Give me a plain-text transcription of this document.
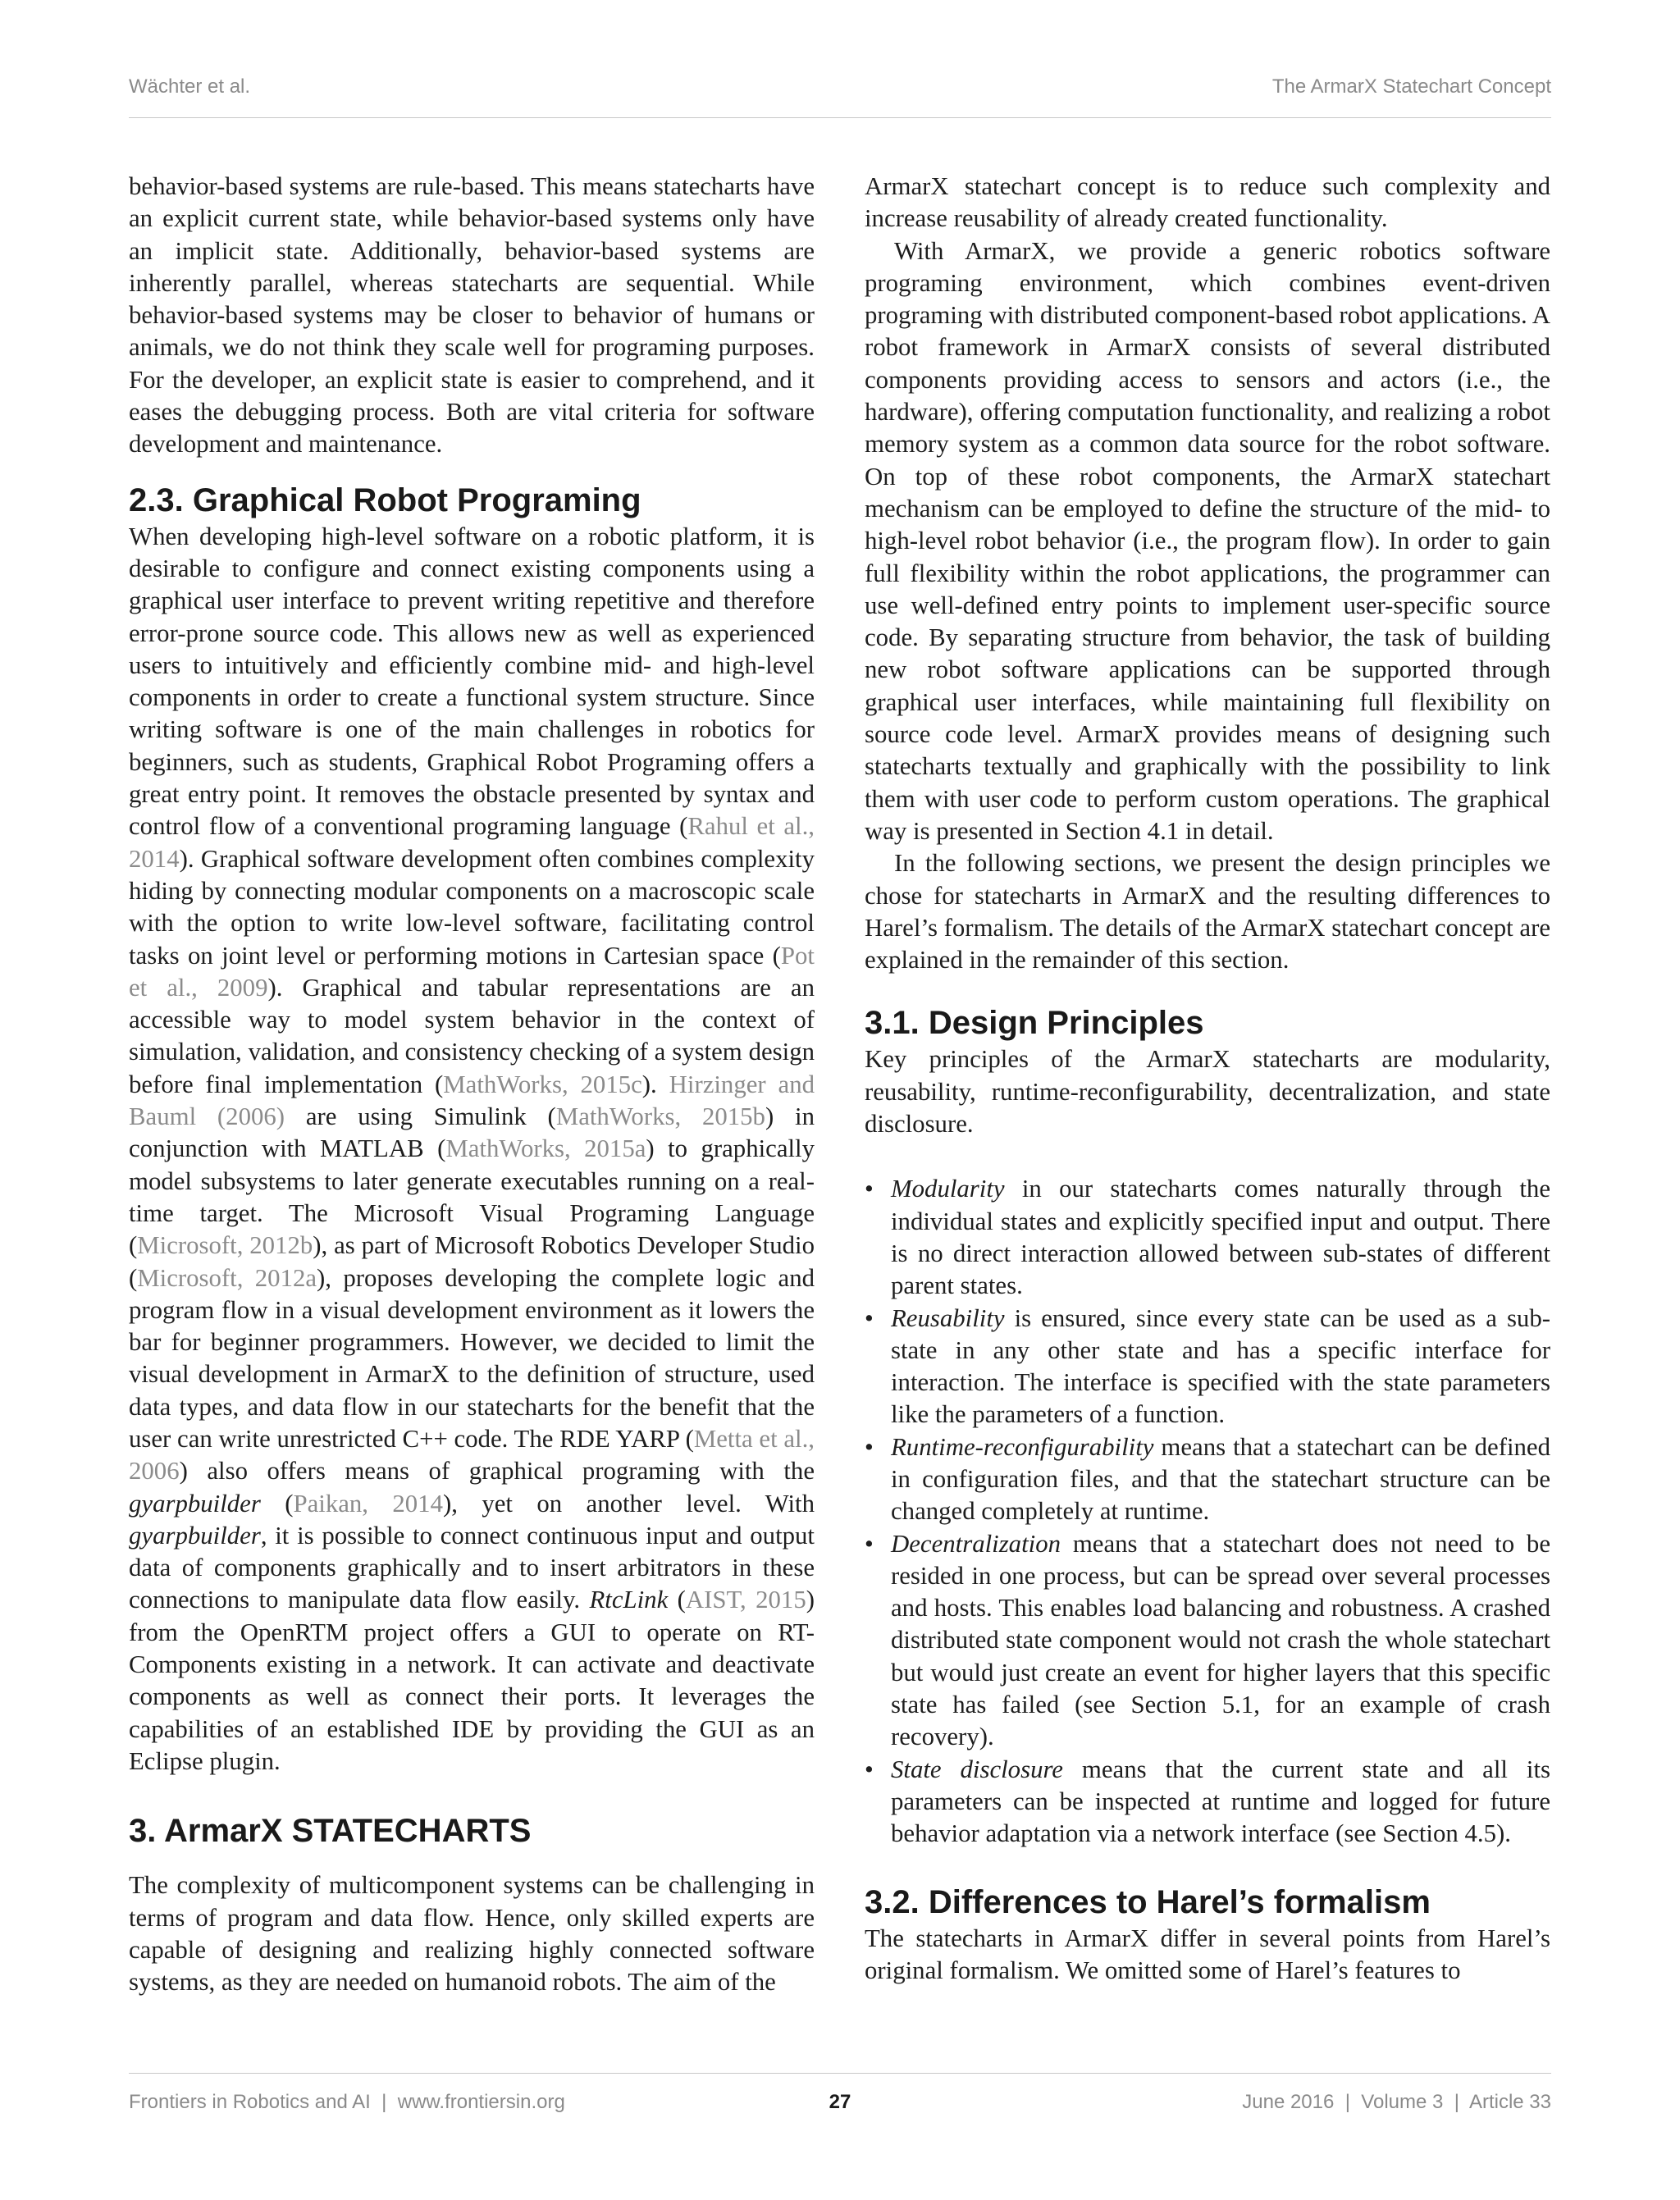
Wächter et al.	The ArmarX Statechart Concept

behavior-based systems are rule-based. This means statecharts have an explicit current state, while behavior-based systems only have an implicit state. Additionally, behavior-based systems are inherently parallel, whereas statecharts are sequential. While behavior-based systems may be closer to behavior of humans or animals, we do not think they scale well for programing purposes. For the developer, an explicit state is easier to comprehend, and it eases the debugging process. Both are vital criteria for software development and maintenance.

2.3. Graphical Robot Programing

When developing high-level software on a robotic platform, it is desirable to configure and connect existing components using a graphical user interface to prevent writing repetitive and therefore error-prone source code. This allows new as well as experienced users to intuitively and efficiently combine mid- and high-level components in order to create a functional system structure. Since writing software is one of the main challenges in robotics for beginners, such as students, Graphical Robot Programing offers a great entry point. It removes the obstacle presented by syntax and control flow of a conventional programing language (Rahul et al., 2014). Graphical software development often combines complexity hiding by connecting modular components on a macroscopic scale with the option to write low-level software, facilitating control tasks on joint level or performing motions in Cartesian space (Pot et al., 2009). Graphical and tabular representations are an accessible way to model system behavior in the context of simulation, validation, and consistency checking of a system design before final implementation (MathWorks, 2015c). Hirzinger and Bauml (2006) are using Simulink (MathWorks, 2015b) in conjunction with MATLAB (MathWorks, 2015a) to graphically model subsystems to later generate executables running on a real-time target. The Microsoft Visual Programing Language (Microsoft, 2012b), as part of Microsoft Robotics Developer Studio (Microsoft, 2012a), proposes developing the complete logic and program flow in a visual development environment as it lowers the bar for beginner programmers. However, we decided to limit the visual development in ArmarX to the definition of structure, used data types, and data flow in our statecharts for the benefit that the user can write unrestricted C++ code. The RDE YARP (Metta et al., 2006) also offers means of graphical programing with the gyarpbuilder (Paikan, 2014), yet on another level. With gyarpbuilder, it is possible to connect continuous input and output data of components graphically and to insert arbitrators in these connections to manipulate data flow easily. RtcLink (AIST, 2015) from the OpenRTM project offers a GUI to operate on RT-Components existing in a network. It can activate and deactivate components as well as connect their ports. It leverages the capabilities of an established IDE by providing the GUI as an Eclipse plugin.

3. ArmarX STATECHARTS

The complexity of multicomponent systems can be challenging in terms of program and data flow. Hence, only skilled experts are capable of designing and realizing highly connected software systems, as they are needed on humanoid robots. The aim of the

ArmarX statechart concept is to reduce such complexity and increase reusability of already created functionality.

With ArmarX, we provide a generic robotics software programing environment, which combines event-driven programing with distributed component-based robot applications. A robot framework in ArmarX consists of several distributed components providing access to sensors and actors (i.e., the hardware), offering computation functionality, and realizing a robot memory system as a common data source for the robot software. On top of these robot components, the ArmarX statechart mechanism can be employed to define the structure of the mid- to high-level robot behavior (i.e., the program flow). In order to gain full flexibility within the robot applications, the programmer can use well-defined entry points to implement user-specific source code. By separating structure from behavior, the task of building new robot software applications can be supported through graphical user interfaces, while maintaining full flexibility on source code level. ArmarX provides means of designing such statecharts textually and graphically with the possibility to link them with user code to perform custom operations. The graphical way is presented in Section 4.1 in detail.

In the following sections, we present the design principles we chose for statecharts in ArmarX and the resulting differences to Harel’s formalism. The details of the ArmarX statechart concept are explained in the remainder of this section.

3.1. Design Principles

Key principles of the ArmarX statecharts are modularity, reusability, runtime-reconfigurability, decentralization, and state disclosure.

• Modularity in our statecharts comes naturally through the individual states and explicitly specified input and output. There is no direct interaction allowed between sub-states of different parent states.
• Reusability is ensured, since every state can be used as a sub-state in any other state and has a specific interface for interaction. The interface is specified with the state parameters like the parameters of a function.
• Runtime-reconfigurability means that a statechart can be defined in configuration files, and that the statechart structure can be changed completely at runtime.
• Decentralization means that a statechart does not need to be resided in one process, but can be spread over several processes and hosts. This enables load balancing and robustness. A crashed distributed state component would not crash the whole statechart but would just create an event for higher layers that this specific state has failed (see Section 5.1, for an example of crash recovery).
• State disclosure means that the current state and all its parameters can be inspected at runtime and logged for future behavior adaptation via a network interface (see Section 4.5).
3.2. Differences to Harel’s formalism

The statecharts in ArmarX differ in several points from Harel’s original formalism. We omitted some of Harel’s features to

Frontiers in Robotics and AI | www.frontiersin.org	27	June 2016 | Volume 3 | Article 33
